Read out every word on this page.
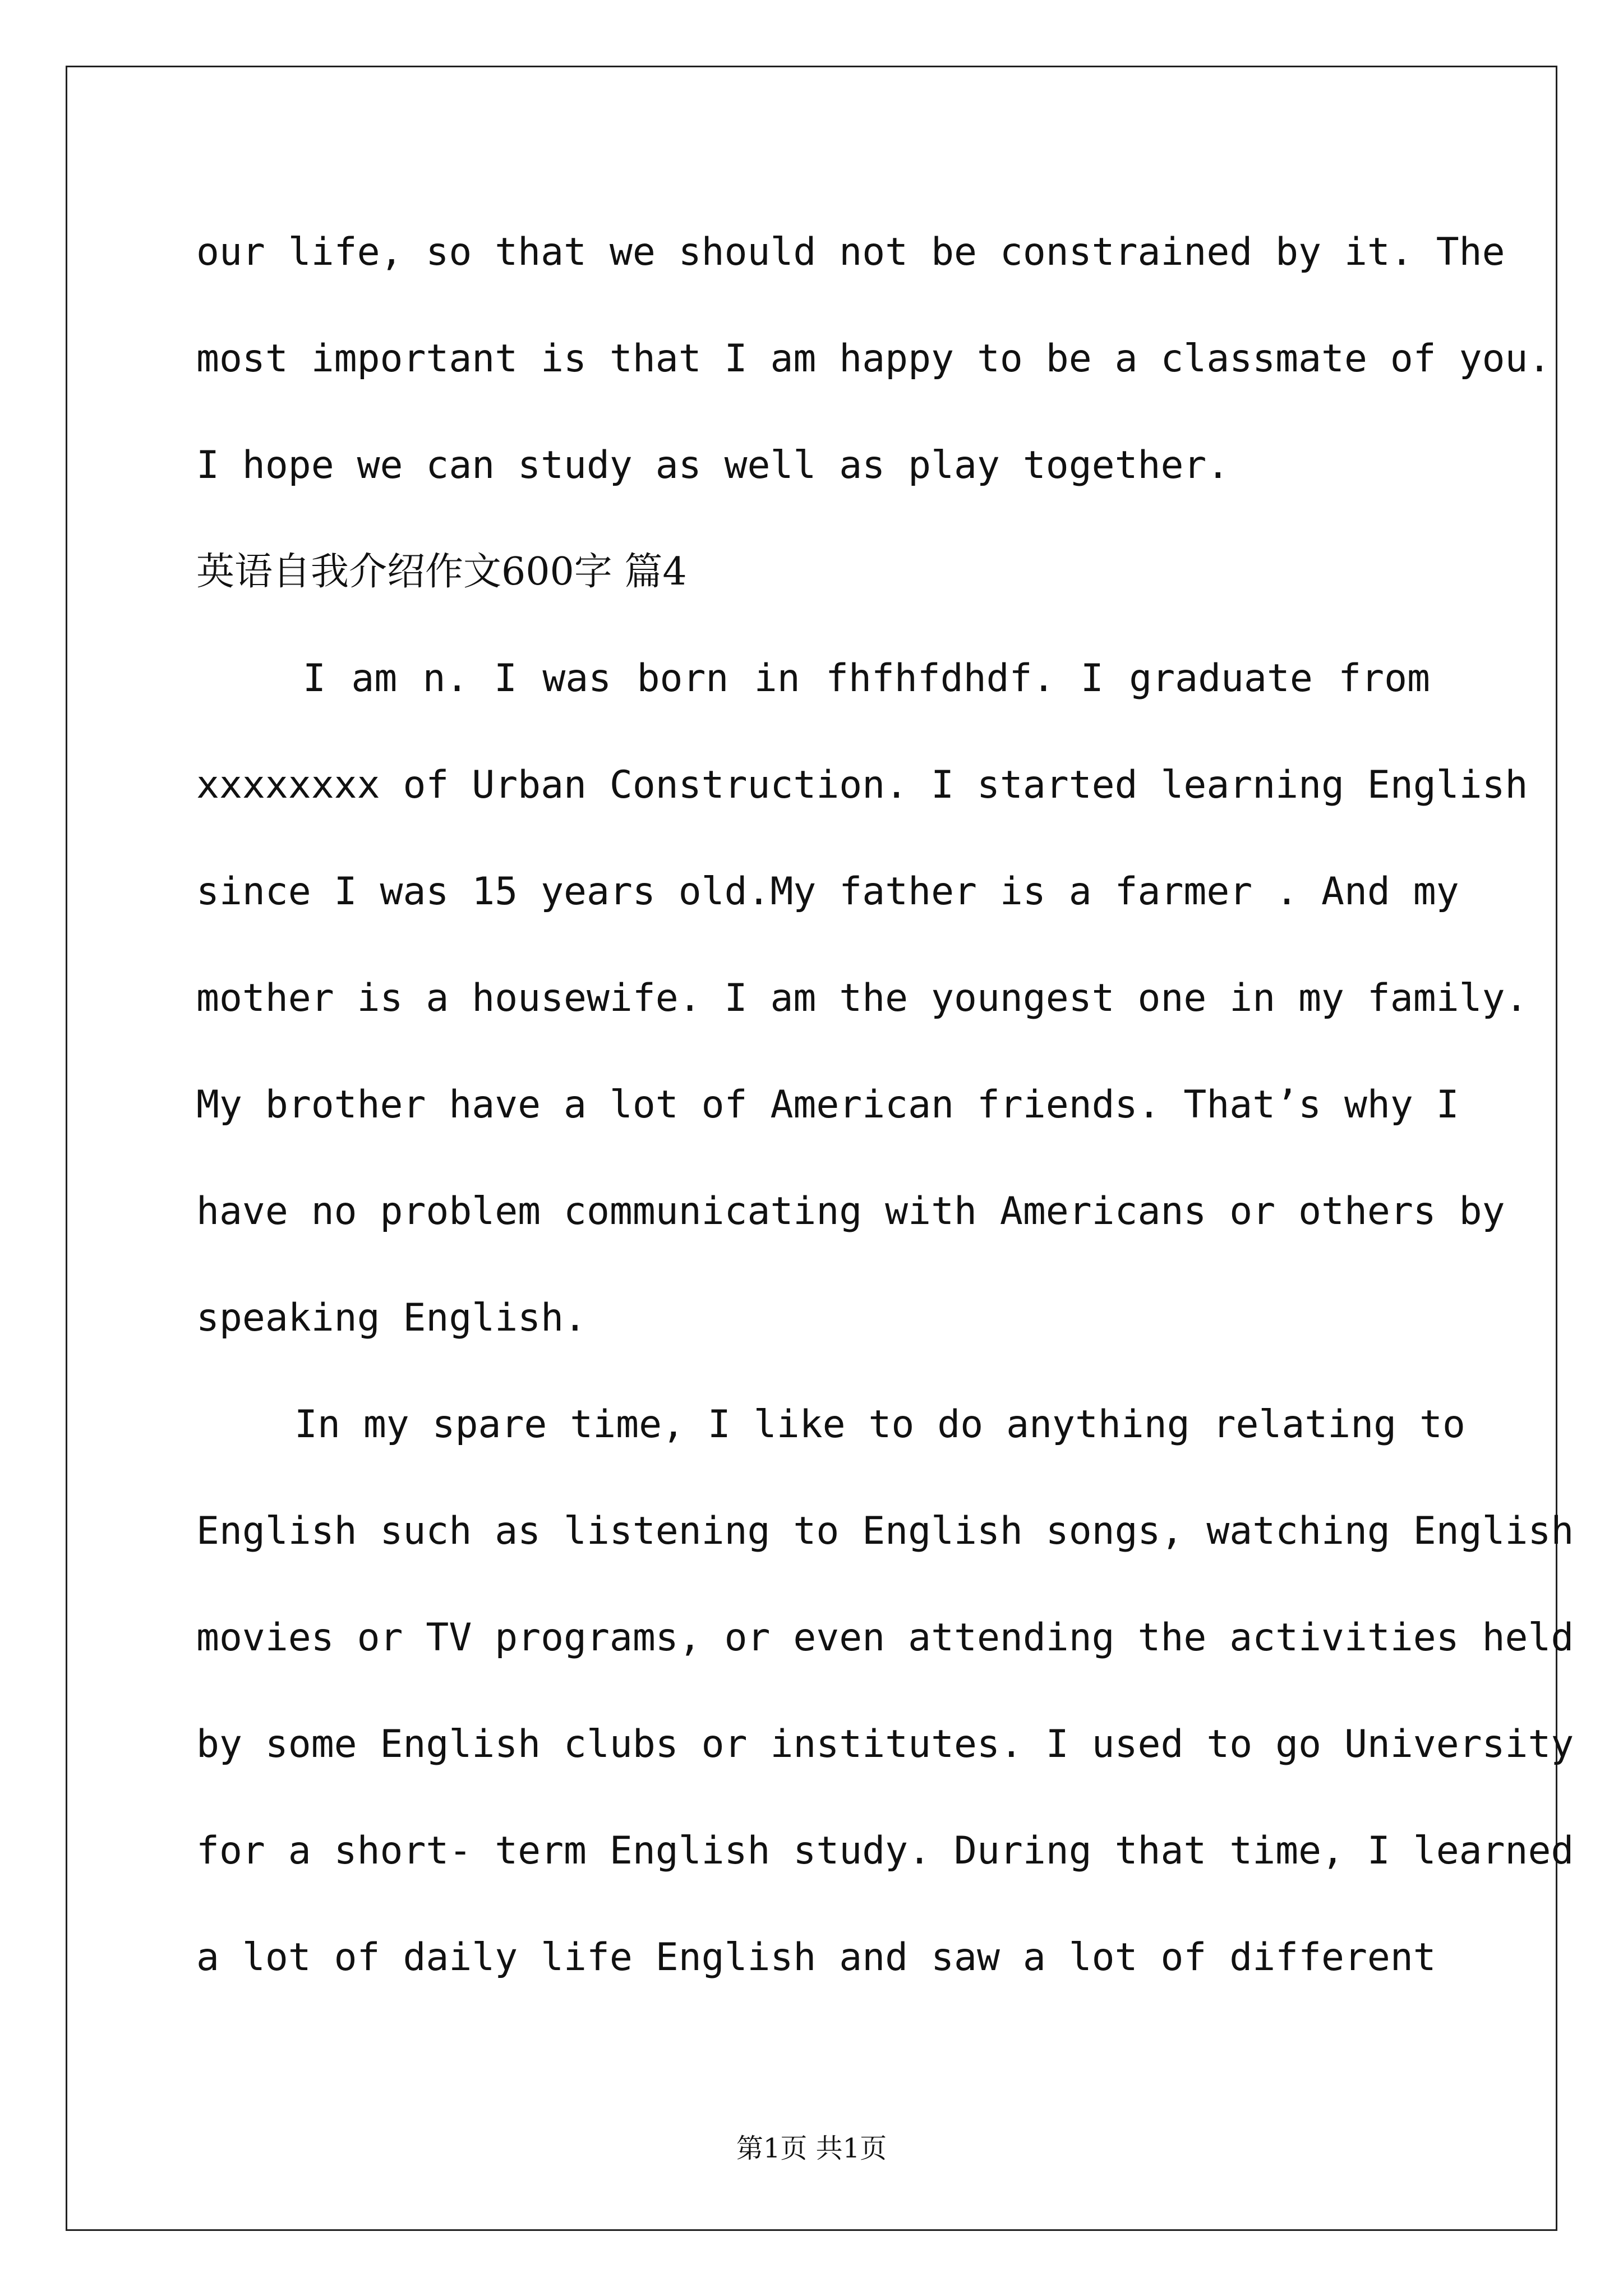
our life, so that we should not be constrained by it. The
most important is that I am happy to be a classmate of you.
I hope we can study as well as play together.
英语自我介绍作文600字 篇4
I am n. I was born in fhfhfdhdf. I graduate from
xxxxxxxx of Urban Construction. I started learning English
since I was 15 years old.My father is a farmer . And my
mother is a housewife. I am the youngest one in my family.
My brother have a lot of American friends. That’s why I
have no problem communicating with Americans or others by
speaking English.
In my spare time, I like to do anything relating to
English such as listening to English songs, watching English
movies or TV programs, or even attending the activities held
by some English clubs or institutes. I used to go University
for a short- term English study. During that time, I learned
a lot of daily life English and saw a lot of different
第1页 共1页
